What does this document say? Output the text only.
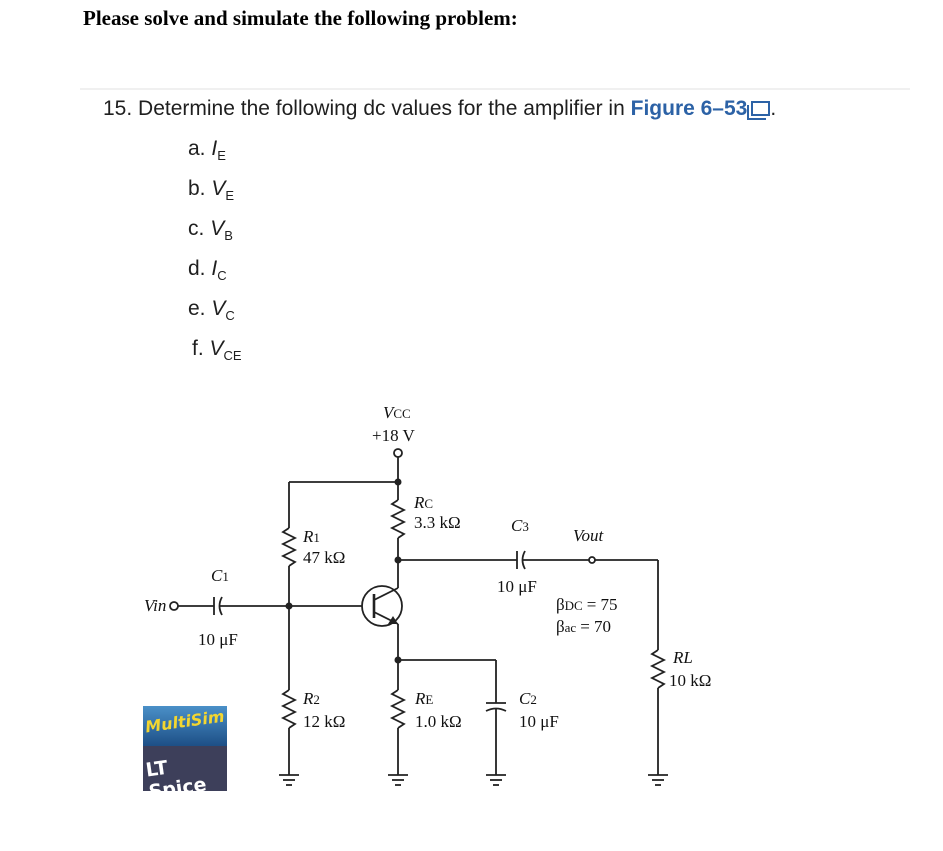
Please solve and simulate the following problem:
15. Determine the following dc values for the amplifier in Figure 6–53 .
a. $I_E$
b. $V_E$
c. $V_B$
d. $I_C$
e. $V_C$
f. $V_{CE}$
VCC
+18 V
RC
3.3 kΩ
R1
47 kΩ
R2
12 kΩ
RE
1.0 kΩ
RL
10 kΩ
C1
10 μF
C3
10 μF
C2
10 μF
Vin
Vout
βDC = 75
βac = 70
MultiSim
LT Spice
